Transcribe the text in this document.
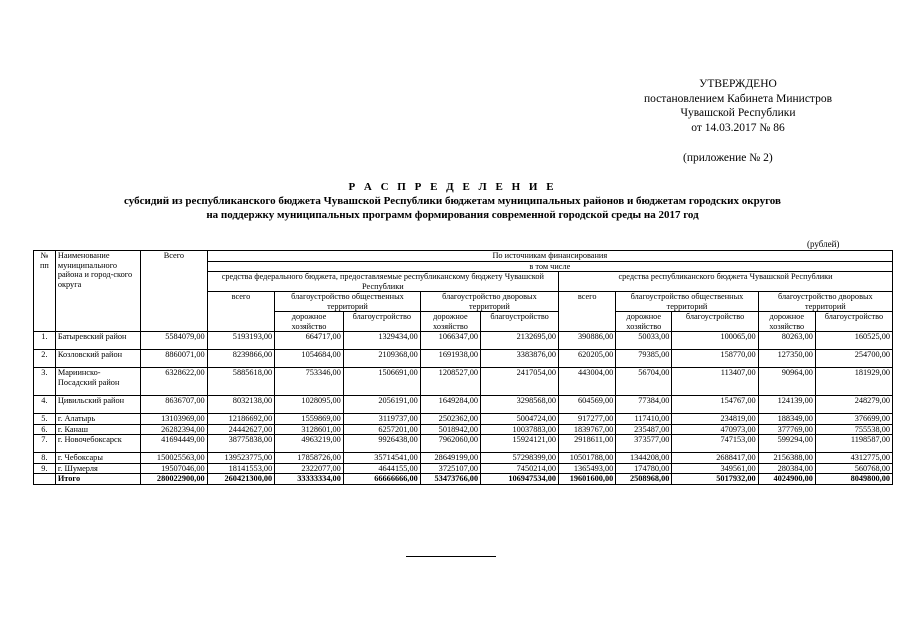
УТВЕРЖДЕНО
постановлением Кабинета Министров
Чувашской Республики
от 14.03.2017 № 86
(приложение № 2)
Р А С П Р Е Д Е Л Е Н И Е
субсидий из республиканского бюджета Чувашской Республики бюджетам муниципальных районов и бюджетам городских округов
на поддержку муниципальных программ формирования современной городской среды на 2017 год
(рублей)
№ пп	Наименование муниципального района и город-ского округа	Всего	По источникам финансирования									
			в том числе									
			средства федерального бюджета, предоставляемые республиканскому бюджету Чувашской Республики					средства республиканского бюджета Чувашской Республики				
			всего	благоустройство общественных территорий		благоустройство дворовых территорий		всего	благоустройство общественных территорий		благоустройство дворовых территорий	
				дорожное хозяйство	благоустройство	дорожное хозяйство	благоустройство		дорожное хозяйство	благоустройство	дорожное хозяйство	благоустройство
1.	Батыревский район	5584079,00	5193193,00	664717,00	1329434,00	1066347,00	2132695,00	390886,00	50033,00	100065,00	80263,00	160525,00
2.	Козловский район	8860071,00	8239866,00	1054684,00	2109368,00	1691938,00	3383876,00	620205,00	79385,00	158770,00	127350,00	254700,00
3.	Мариинско-Посадский район	6328622,00	5885618,00	753346,00	1506691,00	1208527,00	2417054,00	443004,00	56704,00	113407,00	90964,00	181929,00
4.	Цивильский район	8636707,00	8032138,00	1028095,00	2056191,00	1649284,00	3298568,00	604569,00	77384,00	154767,00	124139,00	248279,00
5.	г. Алатырь	13103969,00	12186692,00	1559869,00	3119737,00	2502362,00	5004724,00	917277,00	117410,00	234819,00	188349,00	376699,00
6.	г. Канаш	26282394,00	24442627,00	3128601,00	6257201,00	5018942,00	10037883,00	1839767,00	235487,00	470973,00	377769,00	755538,00
7.	г. Новочебоксарск	41694449,00	38775838,00	4963219,00	9926438,00	7962060,00	15924121,00	2918611,00	373577,00	747153,00	599294,00	1198587,00
8.	г. Чебоксары	150025563,00	139523775,00	17858726,00	35714541,00	28649199,00	57298399,00	10501788,00	1344208,00	2688417,00	2156388,00	4312775,00
9.	г. Шумерля	19507046,00	18141553,00	2322077,00	4644155,00	3725107,00	7450214,00	1365493,00	174780,00	349561,00	280384,00	560768,00
	Итого	280022900,00	260421300,00	33333334,00	66666666,00	53473766,00	106947534,00	19601600,00	2508968,00	5017932,00	4024900,00	8049800,00
